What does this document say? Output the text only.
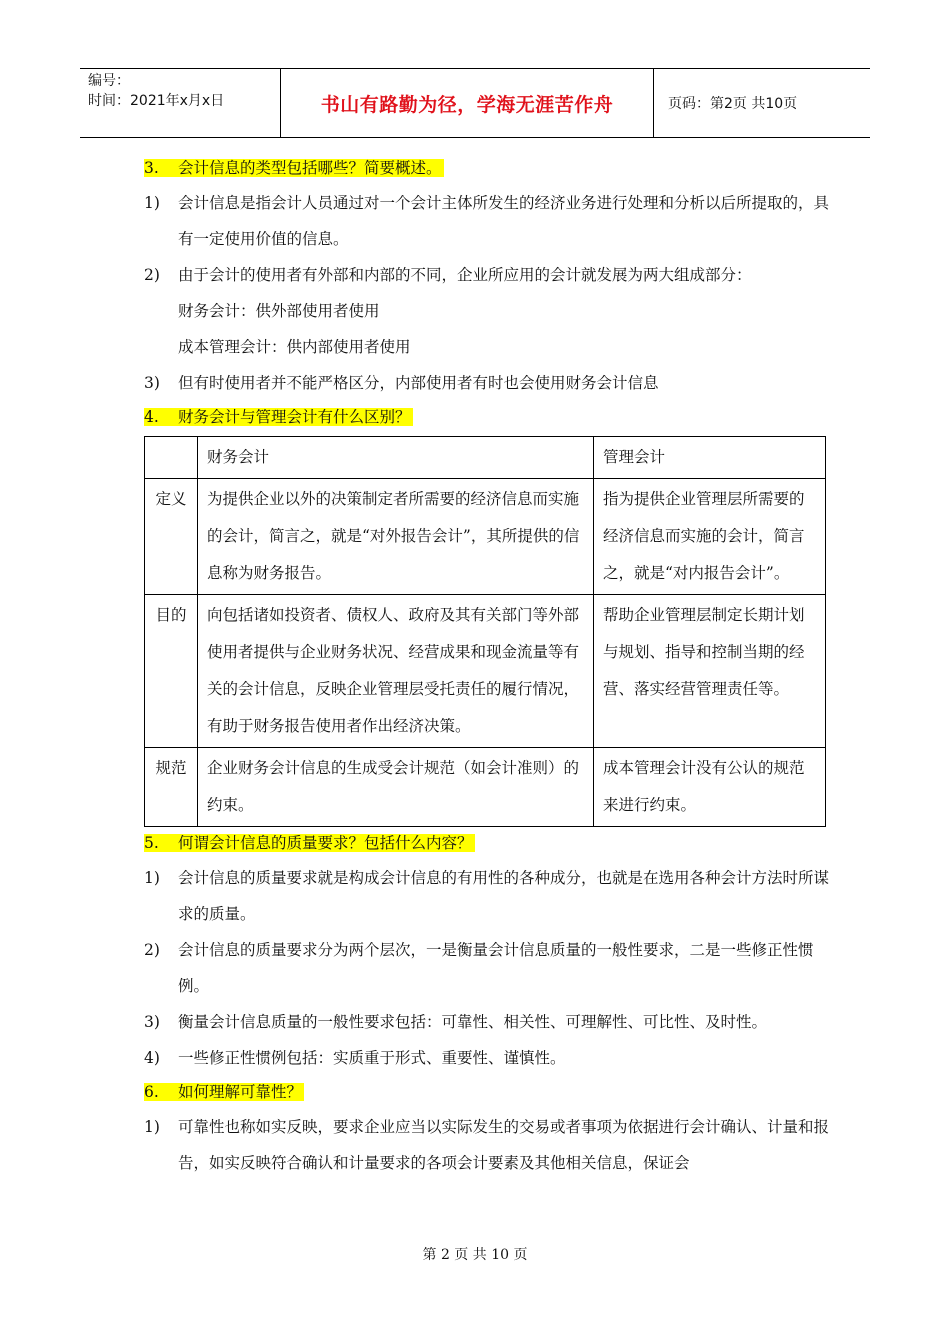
编号：
时间：2021年x月x日	书山有路勤为径，学海无涯苦作舟	页码：第2页 共10页
3. 会计信息的类型包括哪些？简要概述。
1)	会计信息是指会计人员通过对一个会计主体所发生的经济业务进行处理和分析以后所提取的，具有一定使用价值的信息。
2)	由于会计的使用者有外部和内部的不同，企业所应用的会计就发展为两大组成部分：
财务会计：供外部使用者使用
成本管理会计：供内部使用者使用
3)	但有时使用者并不能严格区分，内部使用者有时也会使用财务会计信息
4. 财务会计与管理会计有什么区别？
	财务会计	管理会计
定义	为提供企业以外的决策制定者所需要的经济信息而实施的会计，简言之，就是“对外报告会计”，其所提供的信息称为财务报告。	指为提供企业管理层所需要的经济信息而实施的会计，简言之，就是“对内报告会计”。
目的	向包括诸如投资者、债权人、政府及其有关部门等外部使用者提供与企业财务状况、经营成果和现金流量等有关的会计信息，反映企业管理层受托责任的履行情况，有助于财务报告使用者作出经济决策。	帮助企业管理层制定长期计划与规划、指导和控制当期的经营、落实经营管理责任等。
规范	企业财务会计信息的生成受会计规范（如会计准则）的约束。	成本管理会计没有公认的规范来进行约束。
5. 何谓会计信息的质量要求？包括什么内容？
1)	会计信息的质量要求就是构成会计信息的有用性的各种成分，也就是在选用各种会计方法时所谋求的质量。
2)	会计信息的质量要求分为两个层次，一是衡量会计信息质量的一般性要求，二是一些修正性惯例。
3)	衡量会计信息质量的一般性要求包括：可靠性、相关性、可理解性、可比性、及时性。
4)	一些修正性惯例包括：实质重于形式、重要性、谨慎性。
6. 如何理解可靠性？
1)	可靠性也称如实反映，要求企业应当以实际发生的交易或者事项为依据进行会计确认、计量和报告，如实反映符合确认和计量要求的各项会计要素及其他相关信息，保证会
第 2 页 共 10 页
